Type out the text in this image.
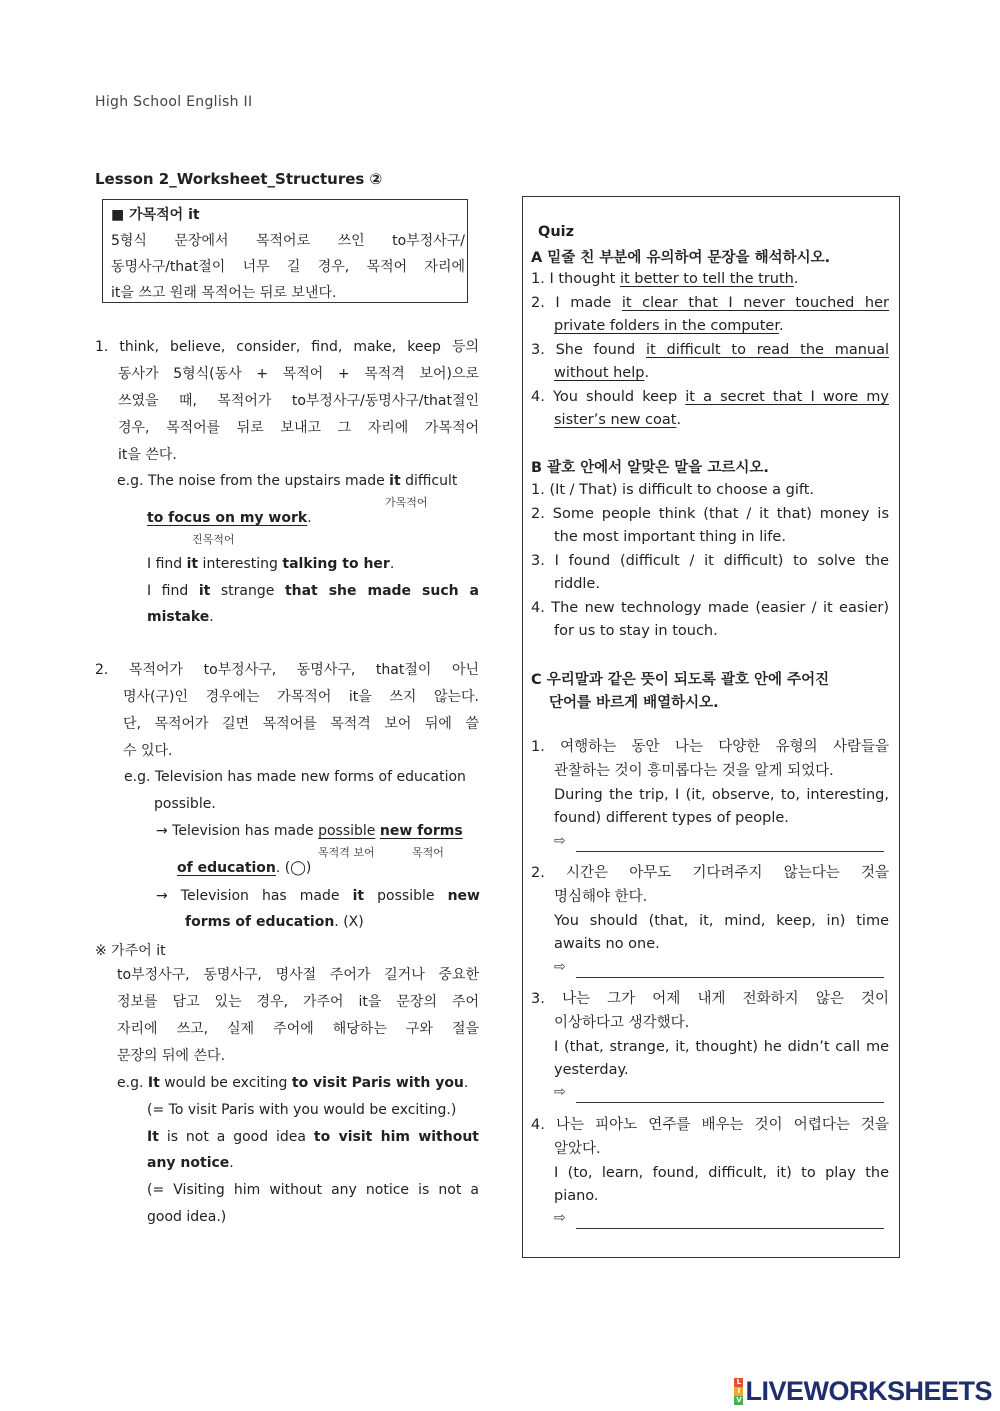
High School English II
Lesson 2_Worksheet_Structures ②
■ 가목적어 it
5형식 문장에서 목적어로 쓰인 to부정사구/
동명사구/that절이 너무 길 경우, 목적어 자리에
it을 쓰고 원래 목적어는 뒤로 보낸다.
1. think, believe, consider, find, make, keep 등의
동사가 5형식(동사 + 목적어 + 목적격 보어)으로
쓰였을 때, 목적어가 to부정사구/동명사구/that절인
경우, 목적어를 뒤로 보내고 그 자리에 가목적어
it을 쓴다.
e.g. The noise from the upstairs made it difficult
가목적어
to focus on my work.
진목적어
I find it interesting talking to her.
I find it strange that she made such a
mistake.
2. 목적어가 to부정사구, 동명사구, that절이 아닌
명사(구)인 경우에는 가목적어 it을 쓰지 않는다.
단, 목적어가 길면 목적어를 목적격 보어 뒤에 쓸
수 있다.
e.g. Television has made new forms of education
possible.
→ Television has made possible new forms
목적격 보어	목적어
of education. (◯)
→ Television has made it possible new
forms of education. (X)
※ 가주어 it
to부정사구, 동명사구, 명사절 주어가 길거나 중요한
정보를 담고 있는 경우, 가주어 it을 문장의 주어
자리에 쓰고, 실제 주어에 해당하는 구와 절을
문장의 뒤에 쓴다.
e.g. It would be exciting to visit Paris with you.
(= To visit Paris with you would be exciting.)
It is not a good idea to visit him without
any notice.
(= Visiting him without any notice is not a
good idea.)
Quiz
A 밑줄 친 부분에 유의하여 문장을 해석하시오.
1. I thought it better to tell the truth.
2. I made it clear that I never touched her
private folders in the computer.
3. She found it difficult to read the manual
without help.
4. You should keep it a secret that I wore my
sister’s new coat.
B 괄호 안에서 알맞은 말을 고르시오.
1. (It / That) is difficult to choose a gift.
2. Some people think (that / it that) money is
the most important thing in life.
3. I found (difficult / it difficult) to solve the
riddle.
4. The new technology made (easier / it easier)
for us to stay in touch.
C 우리말과 같은 뜻이 되도록 괄호 안에 주어진
단어를 바르게 배열하시오.
1. 여행하는 동안 나는 다양한 유형의 사람들을
관찰하는 것이 흥미롭다는 것을 알게 되었다.
During the trip, I (it, observe, to, interesting,
found) different types of people.
⇨
2. 시간은 아무도 기다려주지 않는다는 것을
명심해야 한다.
You should (that, it, mind, keep, in) time
awaits no one.
⇨
3. 나는 그가 어제 내게 전화하지 않은 것이
이상하다고 생각했다.
I (that, strange, it, thought) he didn’t call me
yesterday.
⇨
4. 나는 피아노 연주를 배우는 것이 어렵다는 것을
알았다.
I (to, learn, found, difficult, it) to play the
piano.
⇨
L
I
V LIVEWORKSHEETS
